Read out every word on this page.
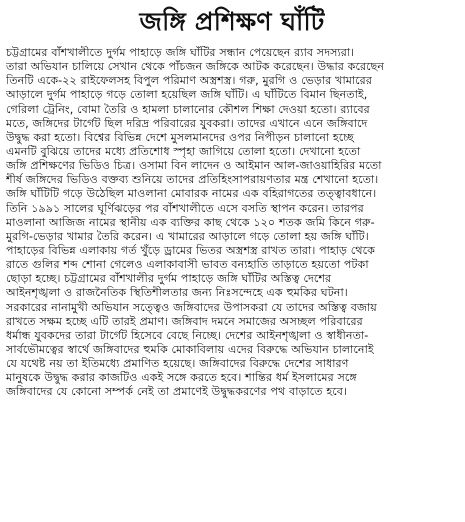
জঙ্গি প্রশিক্ষণ ঘাঁটি
চট্টগ্রামের বাঁশখালীতে দুর্গম পাহাড়ে জঙ্গি ঘাঁটির সন্ধান পেয়েছেন র‍্যাব সদস্যরা।
তারা অভিযান চালিয়ে সেখান থেকে পাঁচজন জঙ্গিকে আটক করেছেন। উদ্ধার করেছেন
তিনটি একে-২২ রাইফেলসহ বিপুল পরিমাণ অস্ত্রশস্ত্র। গরু, মুরগি ও ভেড়ার খামারের
আড়ালে দুর্গম পাহাড়ে গড়ে তোলা হয়েছিল জঙ্গি ঘাঁটি। এ ঘাঁটিতে বিমান ছিনতাই,
গেরিলা ট্রেনিং, বোমা তৈরি ও হামলা চালানোর কৌশল শিক্ষা দেওয়া হতো। র‍্যাবের
মতে, জঙ্গিদের টার্গেট ছিল দরিদ্র পরিবারের যুবকরা। তাদের এখানে এনে জঙ্গিবাদে
উদ্বুদ্ধ করা হতো। বিশ্বের বিভিন্ন দেশে মুসলমানদের ওপর নিপীড়ন চালানো হচ্ছে
এমনটি বুঝিয়ে তাদের মধ্যে প্রতিশোধ স্পৃহা জাগিয়ে তোলা হতো। দেখানো হতো
জঙ্গি প্রশিক্ষণের ভিডিও চিত্র। ওসামা বিন লাদেন ও আইমান আল-জাওয়াহিরির মতো
শীর্ষ জঙ্গিদের ভিডিও বক্তব্য শুনিয়ে তাদের প্রতিহিংসাপরায়ণতার মন্ত্র শেখানো হতো।
জঙ্গি ঘাঁটিটি গড়ে উঠেছিল মাওলানা মোবারক নামের এক বহিরাগতের তত্ত্বাবধানে।
তিনি ১৯৯১ সালের ঘূর্ণিঝড়ের পর বাঁশখালীতে এসে বসতি স্থাপন করেন। তারপর
মাওলানা আজিজ নামের স্থানীয় এক ব্যক্তির কাছ থেকে ১২০ শতক জমি কিনে গরু-
মুরগি-ভেড়ার খামার তৈরি করেন। এ খামারের আড়ালে গড়ে তোলা হয় জঙ্গি ঘাঁটি।
পাহাড়ের বিভিন্ন এলাকায় গর্ত খুঁড়ে ড্রামের ভিতর অস্ত্রশস্ত্র রাখত তারা। পাহাড় থেকে
রাতে গুলির শব্দ শোনা গেলেও এলাকাবাসী ভাবত বন্যহাতি তাড়াতে হয়তো পটকা
ছোড়া হচ্ছে। চট্টগ্রামের বাঁশখালীর দুর্গম পাহাড়ে জঙ্গি ঘাঁটির অস্তিত্ব দেশের
আইনশৃঙ্খলা ও রাজনৈতিক স্থিতিশীলতার জন্য নিঃসন্দেহে এক হুমকির ঘটনা।
সরকারের নানামুখী অভিযান সত্ত্বেও জঙ্গিবাদের উপাসকরা যে তাদের অস্তিত্ব বজায়
রাখতে সক্ষম হচ্ছে এটি তারই প্রমাণ। জঙ্গিবাদ দমনে সমাজের অসচ্ছল পরিবারের
ধর্মান্ধ যুবকদের তারা টার্গেট হিসেবে বেছে নিচ্ছে। দেশের আইনশৃঙ্খলা ও স্বাধীনতা-
সার্বভৌমত্বের স্বার্থে জঙ্গিবাদের হুমকি মোকাবিলায় এদের বিরুদ্ধে অভিযান চালানোই
যে যথেষ্ট নয় তা ইতিমধ্যে প্রমাণিত হয়েছে। জঙ্গিবাদের বিরুদ্ধে দেশের সাধারণ
মানুষকে উদ্বুদ্ধ করার কাজটিও একই সঙ্গে করতে হবে। শান্তির ধর্ম ইসলামের সঙ্গে
জঙ্গিবাদের যে কোনো সম্পর্ক নেই তা প্রমাণেই উদ্বুদ্ধকরণের পথ বাড়াতে হবে।
